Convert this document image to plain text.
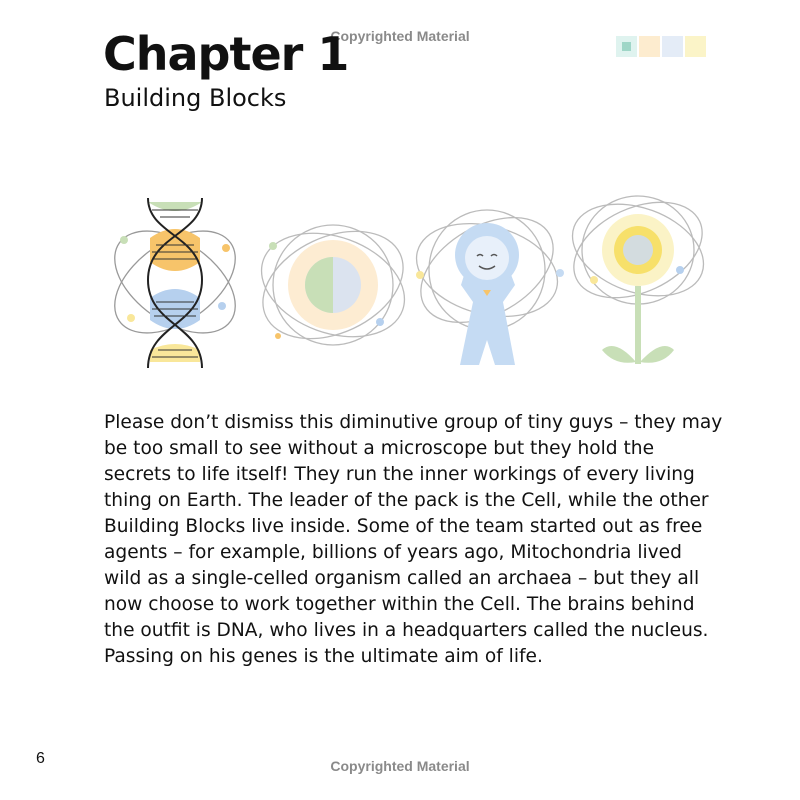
Copyrighted Material

Chapter 1

Building Blocks

Please don’t dismiss this diminutive group of tiny guys – they may be too small to see without a microscope but they hold the secrets to life itself! They run the inner workings of every living thing on Earth. The leader of the pack is the Cell, while the other Building Blocks live inside. Some of the team started out as free agents – for example, billions of years ago, Mitochondria lived wild as a single-celled organism called an archaea – but they all now choose to work together within the Cell. The brains behind the outfit is DNA, who lives in a headquarters called the nucleus. Passing on his genes is the ultimate aim of life.

6	Copyrighted Material
